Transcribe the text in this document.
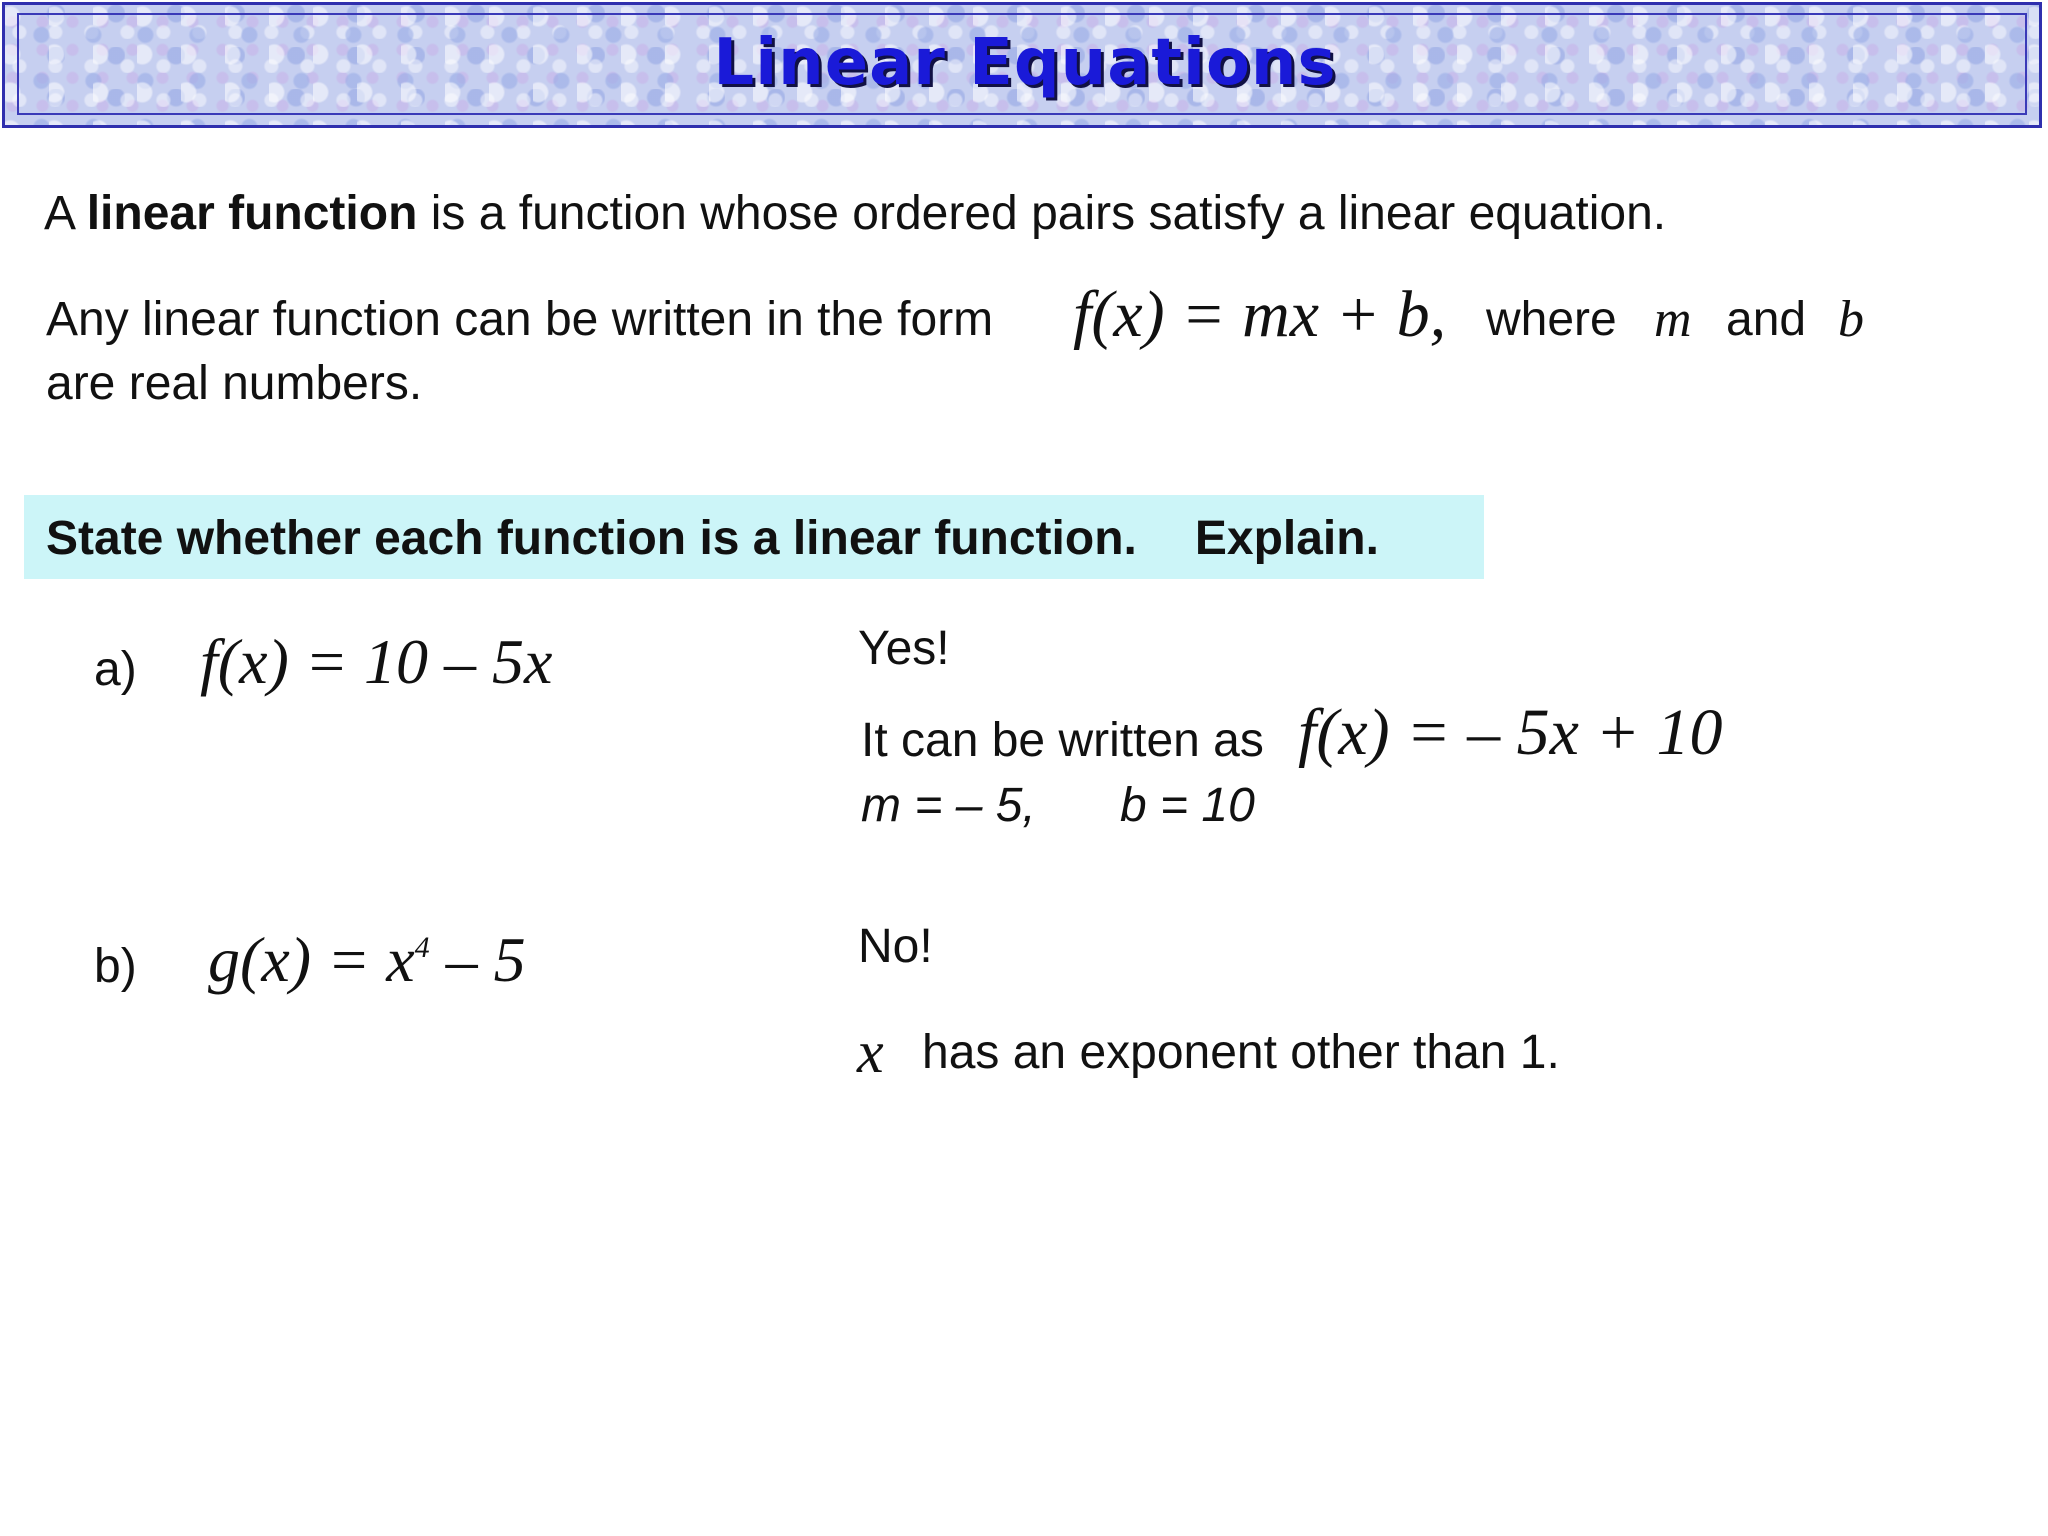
Linear Equations
A linear function is a function whose ordered pairs satisfy a linear equation.
Any linear function can be written in the form f(x) = mx + b, where m and b
are real numbers.
State whether each function is a linear function. Explain.
a) f(x) = 10 – 5x	Yes!
It can be written as f(x) = – 5x + 10
m = – 5, b = 10
b) $g(x) = x^4 - 5$	No!
x has an exponent other than 1.
